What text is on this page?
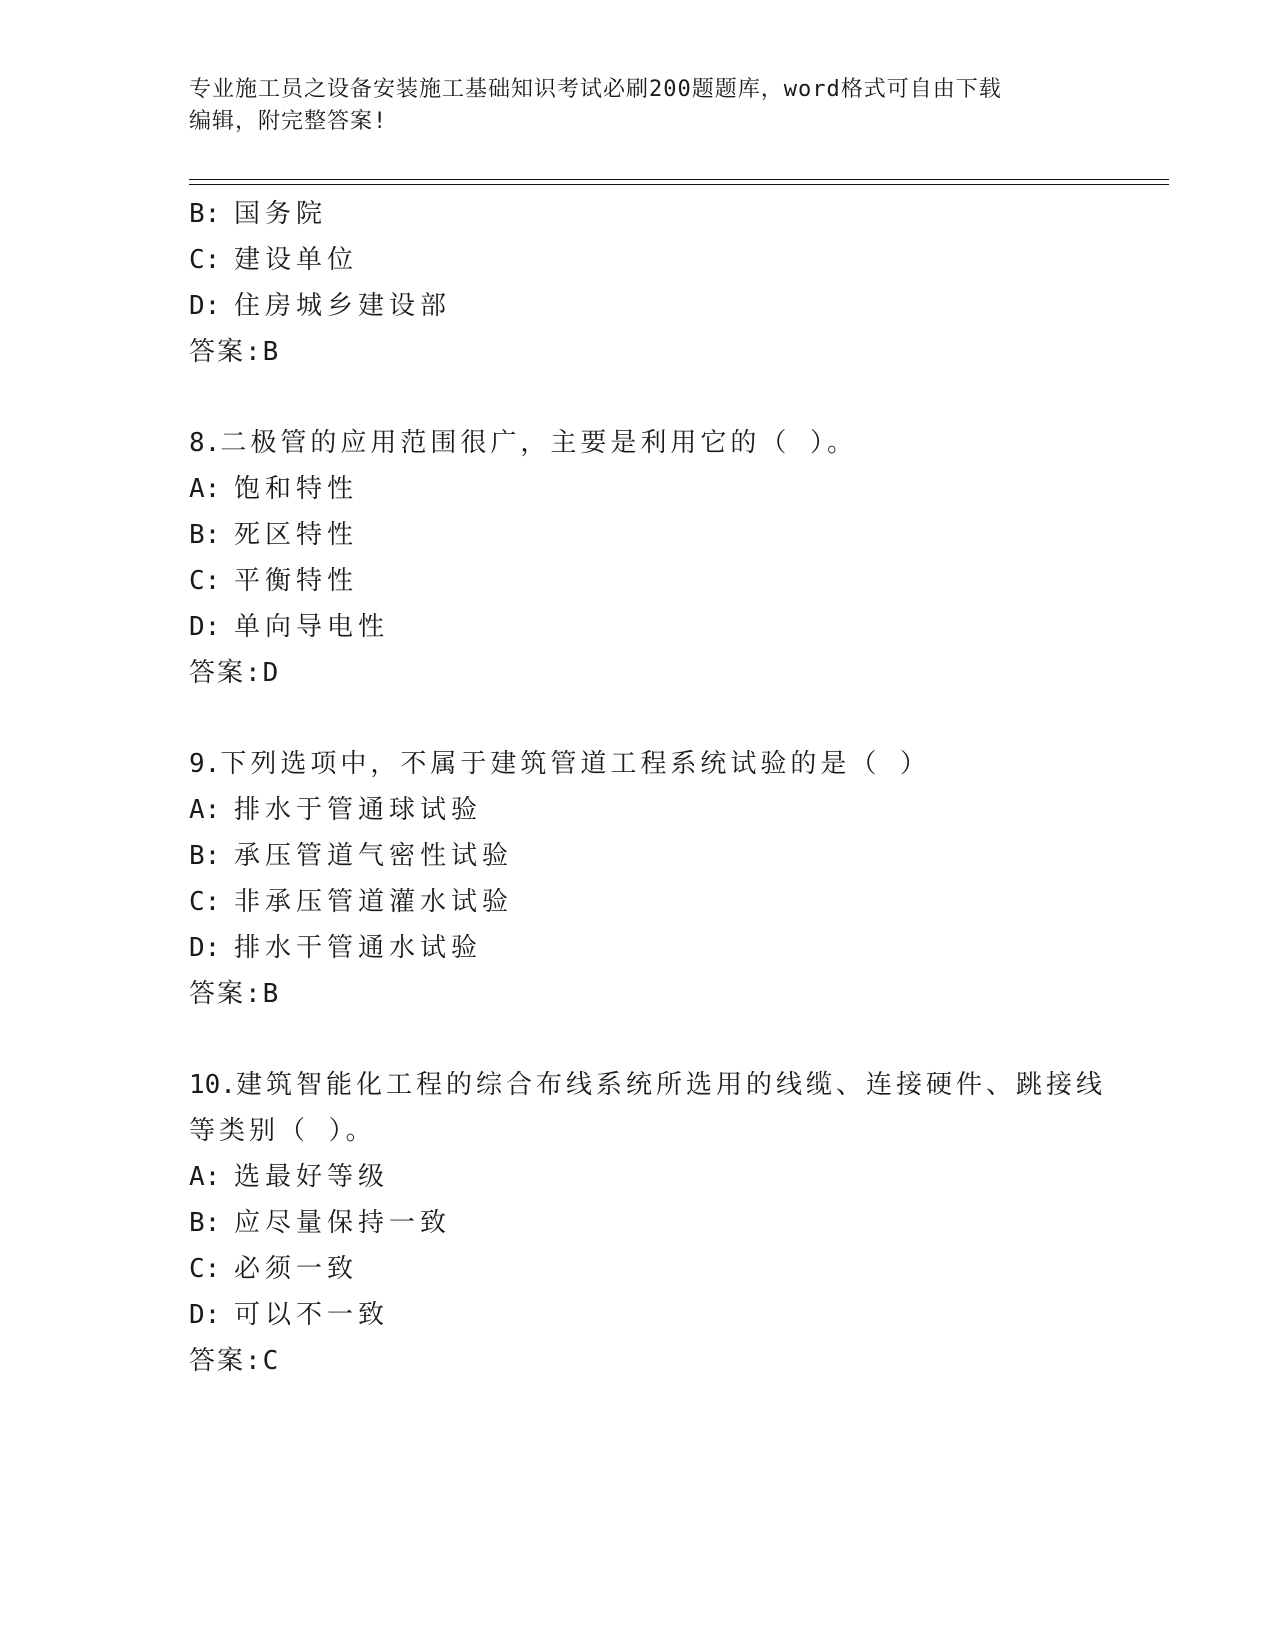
专业施工员之设备安装施工基础知识考试必刷200题题库，word格式可自由下载
编辑，附完整答案!
B: 国务院
C: 建设单位
D: 住房城乡建设部
答案:B
8.二极管的应用范围很广，主要是利用它的（ ）。
A: 饱和特性
B: 死区特性
C: 平衡特性
D: 单向导电性
答案:D
9.下列选项中，不属于建筑管道工程系统试验的是（ ）
A: 排水于管通球试验
B: 承压管道气密性试验
C: 非承压管道灌水试验
D: 排水干管通水试验
答案:B
10.建筑智能化工程的综合布线系统所选用的线缆、连接硬件、跳接线
等类别（ ）。
A: 选最好等级
B: 应尽量保持一致
C: 必须一致
D: 可以不一致
答案:C
